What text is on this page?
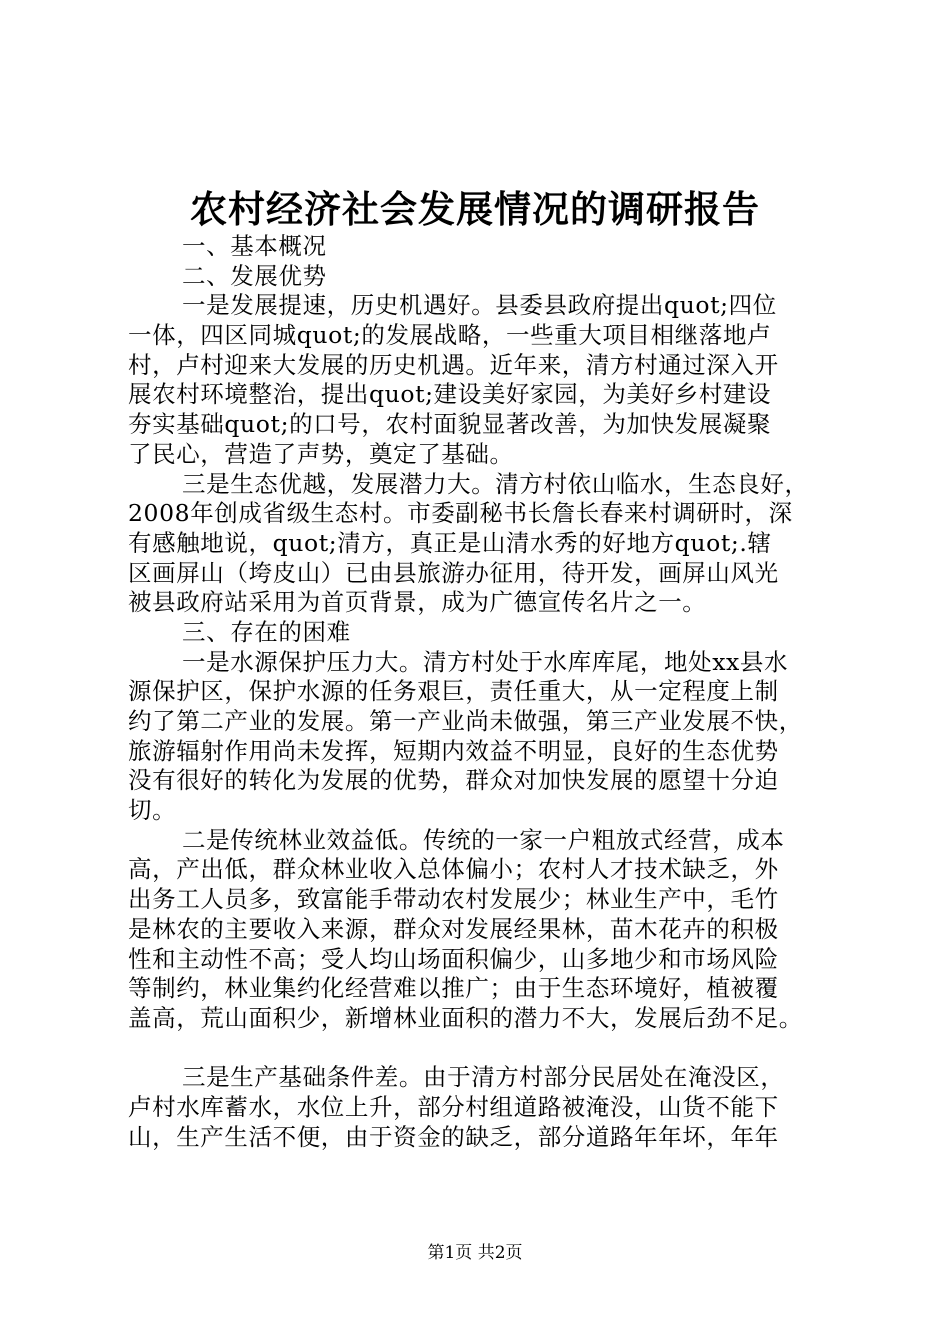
农村经济社会发展情况的调研报告
一、基本概况
二、发展优势
一是发展提速，历史机遇好。县委县政府提出quot;四位
一体，四区同城quot;的发展战略，一些重大项目相继落地卢
村，卢村迎来大发展的历史机遇。近年来，清方村通过深入开
展农村环境整治，提出quot;建设美好家园，为美好乡村建设
夯实基础quot;的口号，农村面貌显著改善，为加快发展凝聚
了民心，营造了声势，奠定了基础。
三是生态优越，发展潜力大。清方村依山临水，生态良好，
2008年创成省级生态村。市委副秘书长詹长春来村调研时，深
有感触地说，quot;清方，真正是山清水秀的好地方quot;.辖
区画屏山（垮皮山）已由县旅游办征用，待开发，画屏山风光
被县政府站采用为首页背景，成为广德宣传名片之一。
三、存在的困难
一是水源保护压力大。清方村处于水库库尾，地处xx县水
源保护区，保护水源的任务艰巨，责任重大，从一定程度上制
约了第二产业的发展。第一产业尚未做强，第三产业发展不快，
旅游辐射作用尚未发挥，短期内效益不明显，良好的生态优势
没有很好的转化为发展的优势，群众对加快发展的愿望十分迫
切。
二是传统林业效益低。传统的一家一户粗放式经营，成本
高，产出低，群众林业收入总体偏小；农村人才技术缺乏，外
出务工人员多，致富能手带动农村发展少；林业生产中，毛竹
是林农的主要收入来源，群众对发展经果林，苗木花卉的积极
性和主动性不高；受人均山场面积偏少，山多地少和市场风险
等制约，林业集约化经营难以推广；由于生态环境好，植被覆
盖高，荒山面积少，新增林业面积的潜力不大，发展后劲不足。
三是生产基础条件差。由于清方村部分民居处在淹没区，
卢村水库蓄水，水位上升，部分村组道路被淹没，山货不能下
山，生产生活不便，由于资金的缺乏，部分道路年年坏，年年
第1页 共2页
